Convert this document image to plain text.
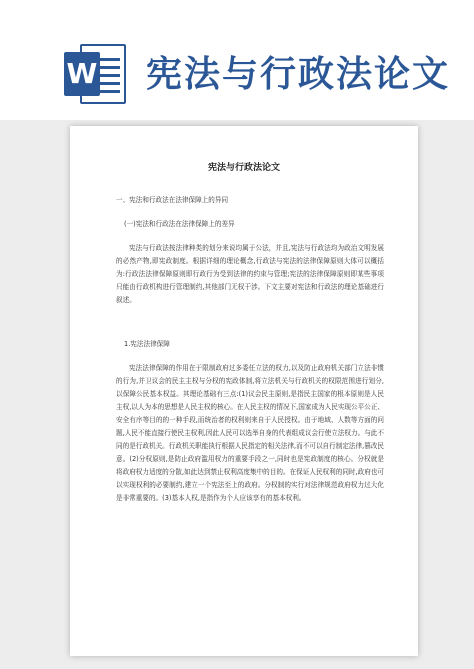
W 宪法与行政法论文
宪法与行政法论文
一、宪法和行政法在法律保障上的异同
(一)宪法和行政法在法律保障上的差异
宪法与行政法按法律种类的划分来说均属于公法，并且,宪法与行政法均为政治文明发展的必然产物,即宪政制度。根据详细的理论概念,行政法与宪法的法律保障原则大体可以概括为:行政法法律保障原则即行政行为受到法律的约束与管理;宪法的法律保障原则即某些事项只能由行政机构进行管理制约,其他部门无权干涉。下文主要对宪法和行政法的理论基础进行叙述。
1.宪法法律保障
宪法法律保障的作用在于限制政府过多委任立法的权力,以及防止政府机关部门立法非惯的行为,并卫议会的民主主权与分权的宪政体制,将立法机关与行政机关的权限范围进行划分,以保障公民基本权益。其理论基础有三点:(1)议会民主原则,是指民主国家的根本原则是人民主权,以人为本的思想是人民主权的核心。在人民主权的情况下,国家成为人民实现公平公正、安全有序等目的的一种手段,而统治者的权利则来自于人民授权。由于地域、人数等方面的问题,人民不能直接行使民主权利,因此人民可以选举自身的代表组成议会行使立法权力。与此不同的是行政机关。行政机关职能执行根据人民指定的相关法律,而不可以自行制定法律,篡改民意。(2)分权原则,是防止政府滥用权力的重要手段之一,同时也是宪政制度的核心。分权就是将政府权力适度的分散,如此达到禁止权利高度集中的目的。在保证人民权利的同时,政府也可以实现权利的必要制约,建立一个宪法至上的政府。分权制的实行对法律规范政府权力过大化是非常重要的。(3)基本人权,是指作为个人应该享有的基本权利。
